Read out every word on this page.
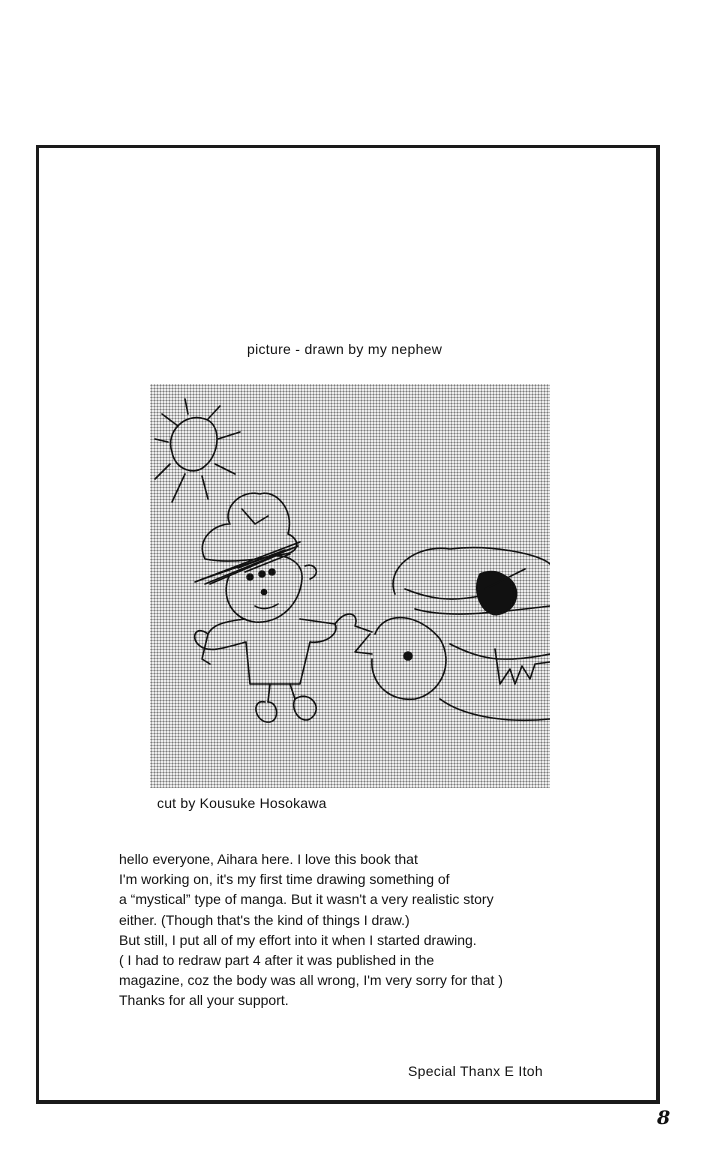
picture - drawn by my nephew
cut by Kousuke Hosokawa
hello everyone, Aihara here. I love this book that
I'm working on, it's my first time drawing something of
a “mystical” type of manga. But it wasn't a very realistic story
either. (Though that's the kind of things I draw.)
But still, I put all of my effort into it when I started drawing.
( I had to redraw part 4 after it was published in the
magazine, coz the body was all wrong, I'm very sorry for that )
Thanks for all your support.
Special Thanx E Itoh
8
